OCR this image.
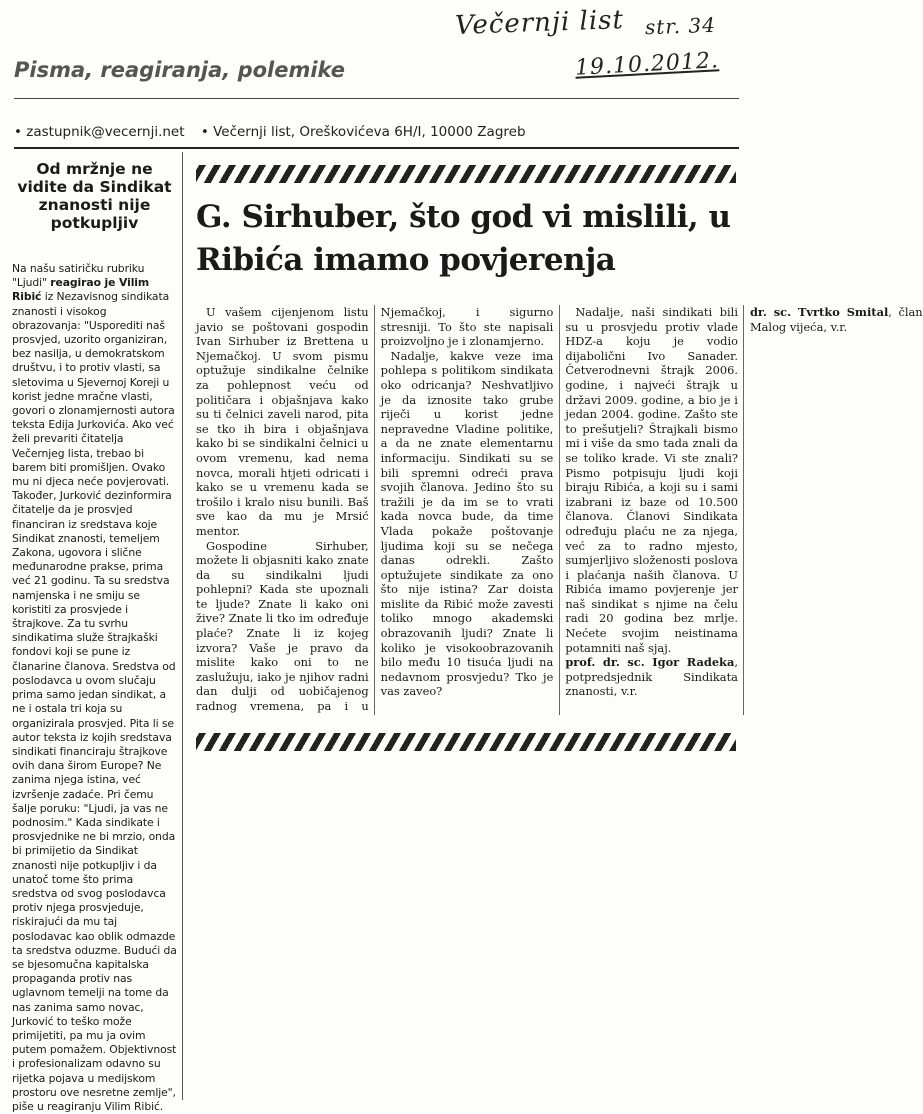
Večernji list str. 34
19.10.2012.
Pisma, reagiranja, polemike
• zastupnik@vecernji.net • Večernji list, Oreškovićeva 6H/I, 10000 Zagreb
Od mržnje ne vidite da Sindikat znanosti nije potkupljiv

Na našu satiričku rubriku "Ljudi" reagirao je Vilim Ribić iz Nezavisnog sindikata znanosti i visokog obrazovanja: "Usporediti naš prosvjed, uzorito organiziran, bez nasilja, u demokratskom društvu, i to protiv vlasti, sa sletovima u Sjevernoj Koreji u korist jedne mračne vlasti, govori o zlonamjernosti autora teksta Edija Jurkovića. Ako već želi prevariti čitatelja Večernjeg lista, trebao bi barem biti promišljen. Ovako mu ni djeca neće povjerovati. Također, Jurković dezinformira čitatelje da je prosvjed financiran iz sredstava koje Sindikat znanosti, temeljem Zakona, ugovora i slične međunarodne prakse, prima već 21 godinu. Ta su sredstva namjenska i ne smiju se koristiti za prosvjede i štrajkove. Za tu svrhu sindikatima služe štrajkaški fondovi koji se pune iz članarine članova. Sredstva od poslodavca u ovom slučaju prima samo jedan sindikat, a ne i ostala tri koja su organizirala prosvjed. Pita li se autor teksta iz kojih sredstava sindikati financiraju štrajkove ovih dana širom Europe? Ne zanima njega istina, već izvršenje zadaće. Pri čemu šalje poruku: "Ljudi, ja vas ne podnosim." Kada sindikate i prosvjednike ne bi mrzio, onda bi primijetio da Sindikat znanosti nije potkupljiv i da unatoč tome što prima sredstva od svog poslodavca protiv njega prosvjeduje, riskirajući da mu taj poslodavac kao oblik odmazde ta sredstva oduzme. Budući da se bjesomučna kapitalska propaganda protiv nas uglavnom temelji na tome da nas zanima samo novac, Jurković to teško može primijetiti, pa mu ja ovim putem pomažem. Objektivnost i profesionalizam odavno su rijetka pojava u medijskom prostoru ove nesretne zemlje", piše u reagiranju Vilim Ribić.

G. Sirhuber, što god vi mislili, u Ribića imamo povjerenja

U vašem cijenjenom listu javio se poštovani gospodin Ivan Sirhuber iz Brettena u Njemačkoj. U svom pismu optužuje sindikalne čelnike za pohlepnost veću od političara i objašnjava kako su ti čelnici zaveli narod, pita se tko ih bira i objašnjava kako bi se sindikalni čelnici u ovom vremenu, kad nema novca, morali htjeti odricati i kako se u vremenu kada se trošilo i kralo nisu bunili. Baš sve kao da mu je Mrsić mentor.

Gospodine Sirhuber, možete li objasniti kako znate da su sindikalni ljudi pohlepni? Kada ste upoznali te ljude? Znate li kako oni žive? Znate li tko im određuje plaće? Znate li iz kojeg izvora? Vaše je pravo da mislite kako oni to ne zaslužuju, iako je njihov radni dan dulji od uobičajenog radnog vremena, pa i u Njemačkoj, i sigurno stresniji. To što ste napisali proizvoljno je i zlonamjerno.

Nadalje, kakve veze ima pohlepa s politikom sindikata oko odricanja? Neshvatljivo je da iznosite tako grube riječi u korist jedne nepravedne Vladine politike, a da ne znate elementarnu informaciju. Sindikati su se bili spremni odreći prava svojih članova. Jedino što su tražili je da im se to vrati kada novca bude, da time Vlada pokaže poštovanje ljudima koji su se nečega danas odrekli. Zašto optužujete sindikate za ono što nije istina? Zar doista mislite da Ribić može zavesti toliko mnogo akademski obrazovanih ljudi? Znate li koliko je visokoobrazovanih bilo među 10 tisuća ljudi na nedavnom prosvjedu? Tko je vas zaveo?

Nadalje, naši sindikati bili su u prosvjedu protiv vlade HDZ-a koju je vodio dijabolični Ivo Sanader. Četverodnevni štrajk 2006. godine, i najveći štrajk u državi 2009. godine, a bio je i jedan 2004. godine. Zašto ste to prešutjeli? Štrajkali bismo mi i više da smo tada znali da se toliko krade. Vi ste znali? Pismo potpisuju ljudi koji biraju Ribića, a koji su i sami izabrani iz baze od 10.500 članova. Članovi Sindikata određuju plaću ne za njega, već za to radno mjesto, sumjerljivo složenosti poslova i plaćanja naših članova. U Ribića imamo povjerenje jer naš sindikat s njime na čelu radi 20 godina bez mrlje. Nećete svojim neistinama potamniti naš sjaj.

prof. dr. sc. Igor Radeka, potpredsjednik Sindikata znanosti, v.r.

dr. sc. Tvrtko Smital, član Malog vijeća, v.r.
